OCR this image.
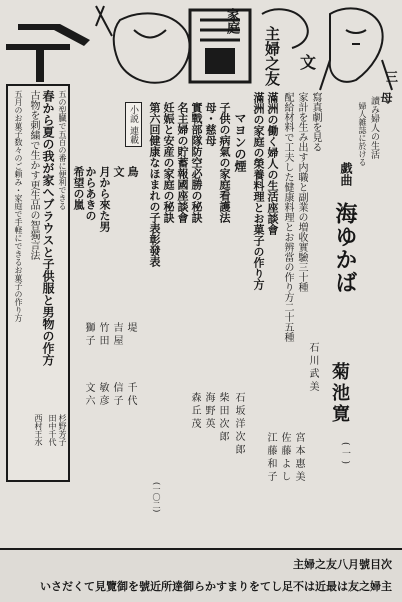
主婦之友
家庭
文
三
五の型臓で五百の番に便利できる
春から夏の我が家へブラウスと子供服と男物の作方
古物を刺繍で生かす更生品の智獨言法
五月のお菓子数々のご頼み・家庭で手軽にできるお菓子の作り方
杉野芳子
田中千代
西村王水
母
讀み婦人の生活
婦人雑誌に於ける
戯曲
海ゆかば
菊池寛
(一)
寫真劇を見る
家計を生み出す内職と副業の増收實驗三十種
配給材料で工夫した健康料理とお辨當の作り方二十五種
滿洲の働く婦人の生活座談會
滿洲の家庭の榮養料理とお菓子の作り方
石川武美
宮本惠美
佐藤よし
江藤和子
マヨンの煙
子供の病氣の家庭看護法
母・慈母
實戰部隊防空必勝の秘訣
名主婦の貯蓄報國座談會
妊娠と安産の家庭の秘訣
第六回健康なほまれの子表彰發表
石坂洋次郎
柴田次郎
海野英
森丘茂
小説 連載
鳥
文
月から來た男
からあきの
希望の嵐
堤
千代
吉屋
信子
竹田
敏彦
獅子
文六
(一〇二)
主婦之友八月號目次
いさだくて見覽御を號近所達御らかすまりをてし足不は近最は友之婦主
